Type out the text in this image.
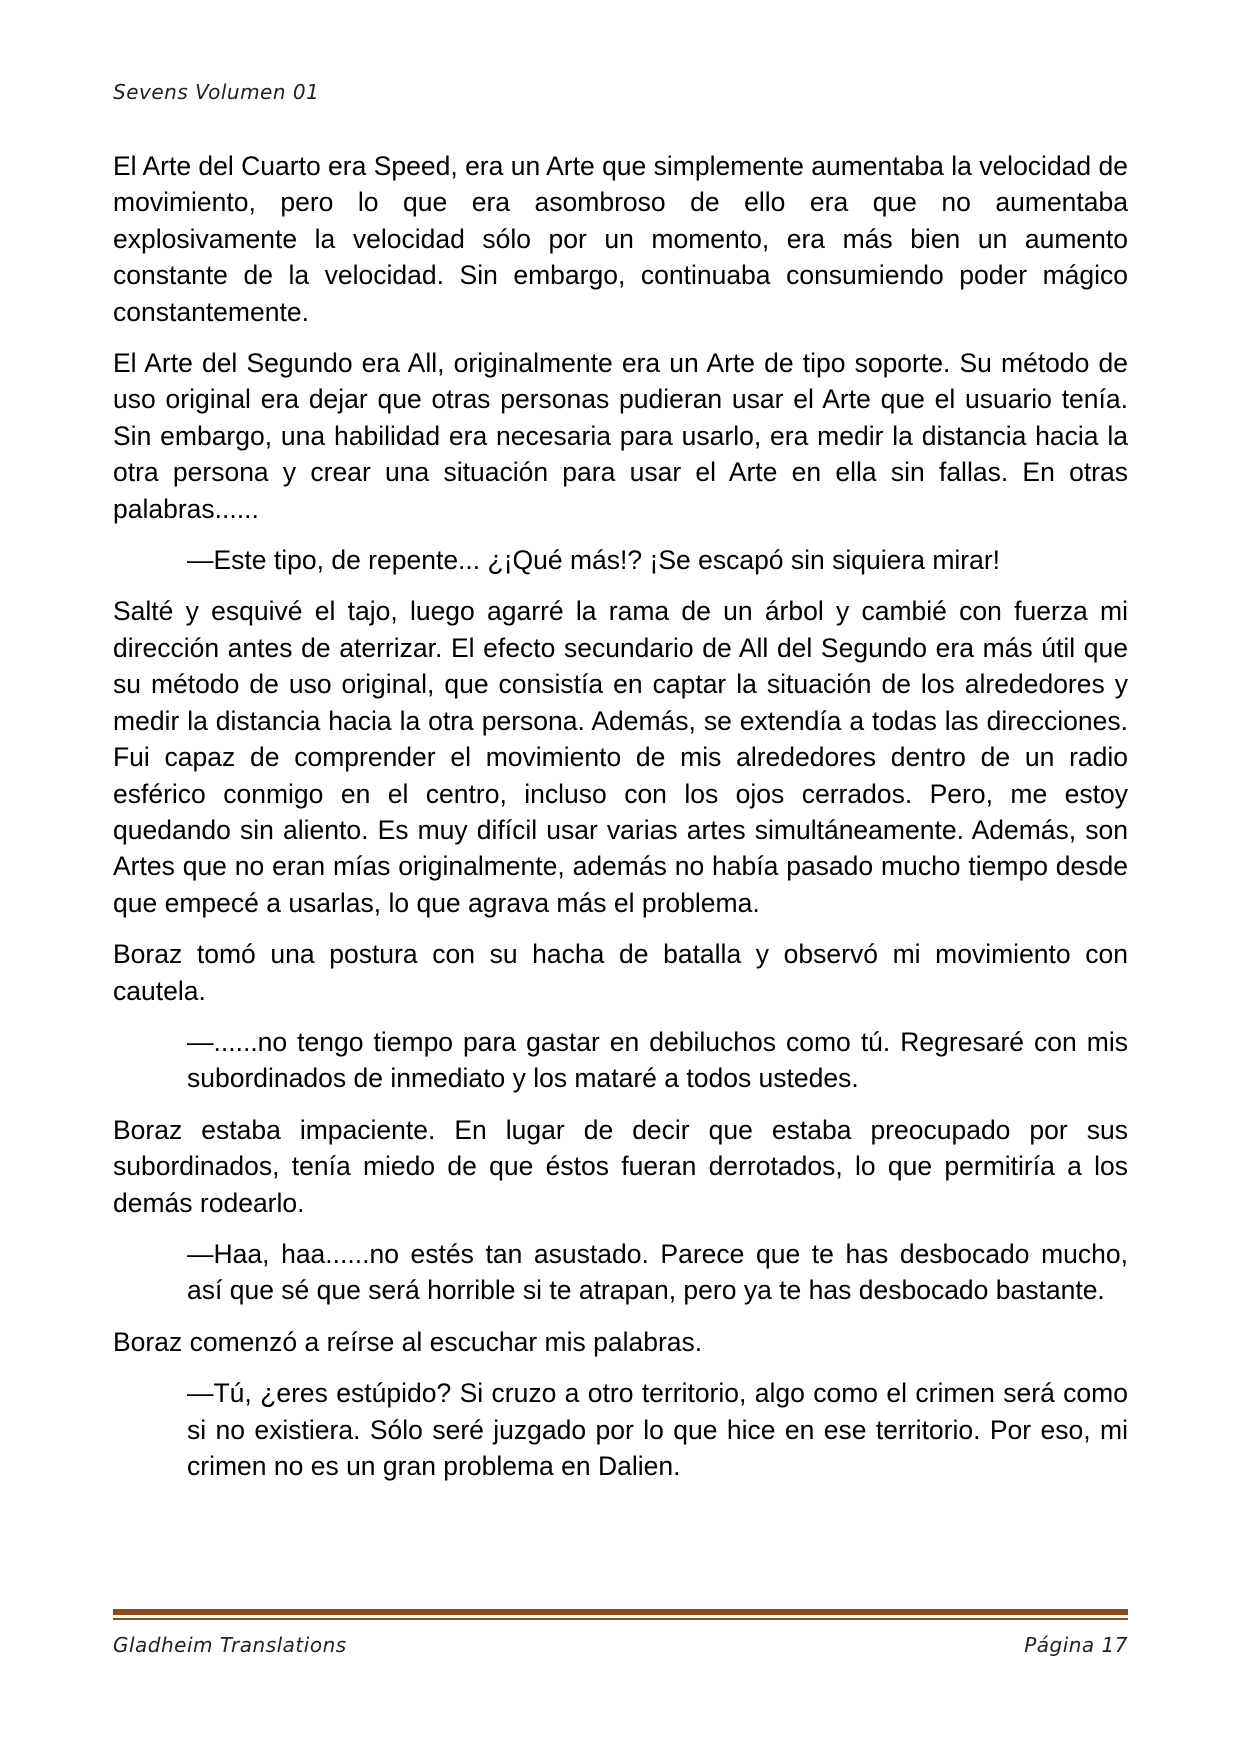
Sevens Volumen 01

El Arte del Cuarto era Speed, era un Arte que simplemente aumentaba la velocidad de movimiento, pero lo que era asombroso de ello era que no aumentaba explosivamente la velocidad sólo por un momento, era más bien un aumento constante de la velocidad. Sin embargo, continuaba consumiendo poder mágico constantemente.

El Arte del Segundo era All, originalmente era un Arte de tipo soporte. Su método de uso original era dejar que otras personas pudieran usar el Arte que el usuario tenía. Sin embargo, una habilidad era necesaria para usarlo, era medir la distancia hacia la otra persona y crear una situación para usar el Arte en ella sin fallas. En otras palabras......

—Este tipo, de repente... ¿¡Qué más!? ¡Se escapó sin siquiera mirar!

Salté y esquivé el tajo, luego agarré la rama de un árbol y cambié con fuerza mi dirección antes de aterrizar. El efecto secundario de All del Segundo era más útil que su método de uso original, que consistía en captar la situación de los alrededores y medir la distancia hacia la otra persona. Además, se extendía a todas las direcciones. Fui capaz de comprender el movimiento de mis alrededores dentro de un radio esférico conmigo en el centro, incluso con los ojos cerrados. Pero, me estoy quedando sin aliento. Es muy difícil usar varias artes simultáneamente. Además, son Artes que no eran mías originalmente, además no había pasado mucho tiempo desde que empecé a usarlas, lo que agrava más el problema.

Boraz tomó una postura con su hacha de batalla y observó mi movimiento con cautela.

—......no tengo tiempo para gastar en debiluchos como tú. Regresaré con mis subordinados de inmediato y los mataré a todos ustedes.

Boraz estaba impaciente. En lugar de decir que estaba preocupado por sus subordinados, tenía miedo de que éstos fueran derrotados, lo que permitiría a los demás rodearlo.

—Haa, haa......no estés tan asustado. Parece que te has desbocado mucho, así que sé que será horrible si te atrapan, pero ya te has desbocado bastante.

Boraz comenzó a reírse al escuchar mis palabras.

—Tú, ¿eres estúpido? Si cruzo a otro territorio, algo como el crimen será como si no existiera. Sólo seré juzgado por lo que hice en ese territorio. Por eso, mi crimen no es un gran problema en Dalien.

Gladheim Translations	Página 17
